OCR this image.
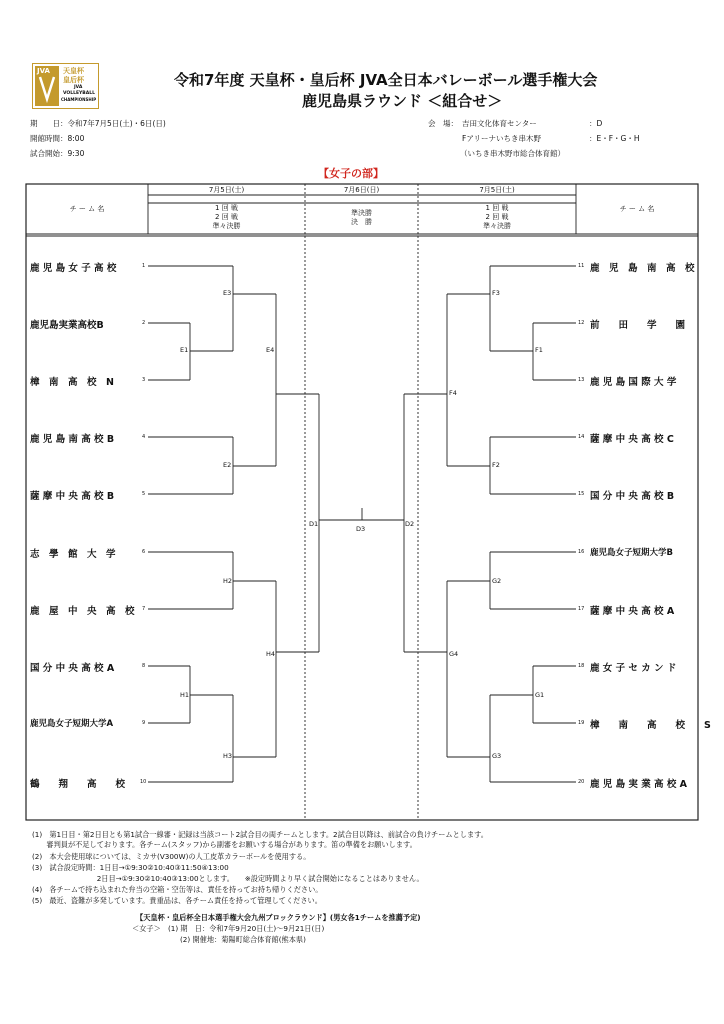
JVA 天皇杯
皇后杯
JVA
VOLLEYBALL
CHAMPIONSHIP
令和7年度 天皇杯・皇后杯 JVA全日本バレーボール選手権大会
鹿児島県ラウンド ＜組合せ＞
期　　日：令和7年7月5日(土)・6日(日)
開館時間：8:00
試合開始：9:30
会　場： 吉田文化体育センター	：D
Fアリーナいちき串木野	：E・F・G・H
（いちき串木野市総合体育館）
【女子の部】
チ ー ム 名	チ ー ム 名
7月5日(土)	7月6日(日)	7月5日(土)
1 回 戦
2 回 戦
準々決勝
準決勝
決　勝
1 回 戦
2 回 戦
準々決勝
鹿 児 島 女 子 高 校
鹿児島実業高校B
樟　南　高　校　N
鹿 児 島 南 高 校 B
薩 摩 中 央 高 校 B
志　學　館　大　学
鹿　屋　中　央　高　校
国 分 中 央 高 校 A
鹿児島女子短期大学A
鶴　　翔　　高　　校
1
2
3
4
5
6
7
8
9
10
鹿　児　島　南　高　校
前　　田　　学　　園
鹿 児 島 国 際 大 学
薩 摩 中 央 高 校 C
国 分 中 央 高 校 B
鹿児島女子短期大学B
薩 摩 中 央 高 校 A
鹿 女 子 セ カ ン ド
樟　　南　　高　　校　　S
鹿 児 島 実 業 高 校 A
11
12
13
14
15
16
17
18
19
20
E3
E1	E4
E2
D1
H2
H4
H1
H3
D3
D2
F3
F1
F4
F2
G2
G4
G1
G3
(1)　第1日目・第2日目とも第1試合一線審・記録は当該コート2試合目の両チームとします。2試合目以降は、前試合の負けチームとします。
　　審判員が不足しております。各チーム(スタッフ)から副審をお願いする場合があります。笛の準備をお願いします。
(2)　本大会使用球については、ミカサ(V300W)の人工皮革カラーボールを使用する。
(3)　試合設定時間：1日目→①9:30②10:40③11:50④13:00
　　　　　　　　　2日目→①9:30②10:40③13:00とします。　　※設定時間より早く試合開始になることはありません。
(4)　各チームで持ち込まれた弁当の空箱・空缶等は、責任を持ってお持ち帰りください。
(5)　最近、盗難が多発しています。貴重品は、各チーム責任を持って管理してください。
【天皇杯・皇后杯全日本選手権大会九州ブロックラウンド】(男女各1チームを推薦予定)
＜女子＞　(1) 期　日：令和7年9月20日(土)～9月21日(日)
(2) 開催地：菊陽町総合体育館(熊本県)
